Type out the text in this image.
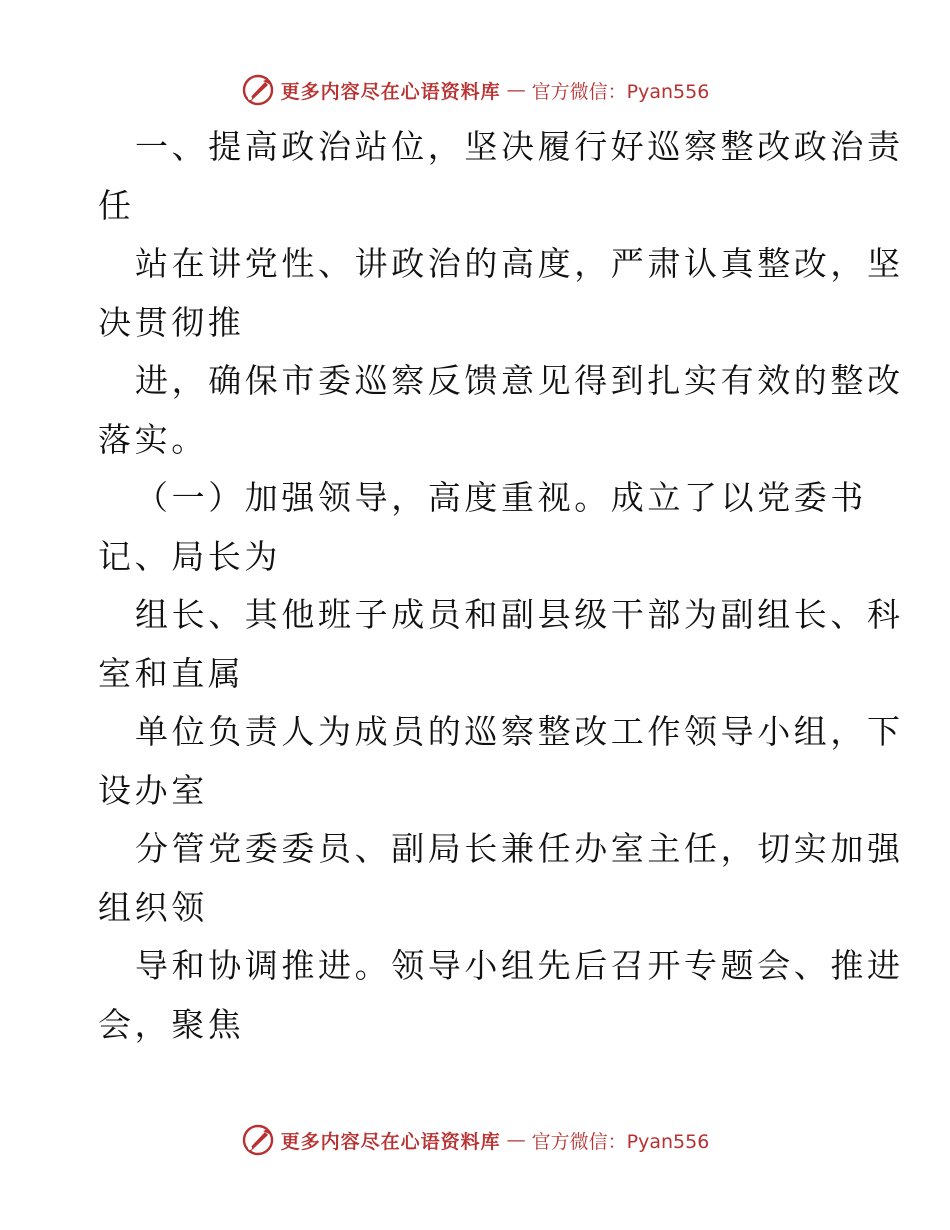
更多内容尽在心语资料库 — 官方微信：Pyan556
一、提高政治站位，坚决履行好巡察整改政治责
任
站在讲党性、讲政治的高度，严肃认真整改，坚
决贯彻推
进，确保市委巡察反馈意见得到扎实有效的整改
落实。
（一）加强领导，高度重视。成立了以党委书
记、局长为
组长、其他班子成员和副县级干部为副组长、科
室和直属
单位负责人为成员的巡察整改工作领导小组，下
设办室
分管党委委员、副局长兼任办室主任，切实加强
组织领
导和协调推进。领导小组先后召开专题会、推进
会，聚焦
更多内容尽在心语资料库 — 官方微信：Pyan556
